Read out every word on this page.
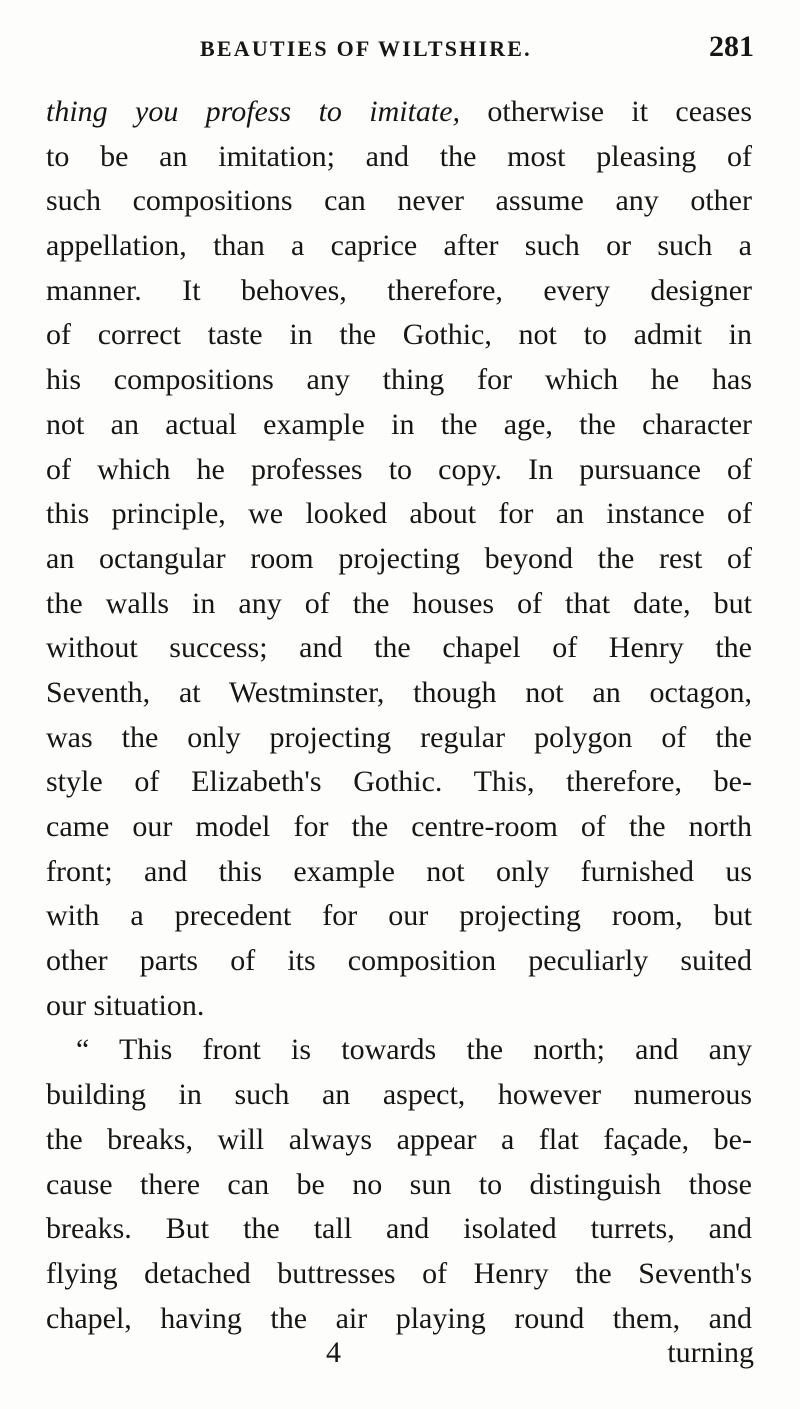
BEAUTIES OF WILTSHIRE.	281
thing you profess to imitate, otherwise it ceases
to be an imitation; and the most pleasing of
such compositions can never assume any other
appellation, than a caprice after such or such a
manner. It behoves, therefore, every designer
of correct taste in the Gothic, not to admit in
his compositions any thing for which he has
not an actual example in the age, the character
of which he professes to copy. In pursuance of
this principle, we looked about for an instance of
an octangular room projecting beyond the rest of
the walls in any of the houses of that date, but
without success; and the chapel of Henry the
Seventh, at Westminster, though not an octagon,
was the only projecting regular polygon of the
style of Elizabeth's Gothic. This, therefore, be-
came our model for the centre-room of the north
front; and this example not only furnished us
with a precedent for our projecting room, but
other parts of its composition peculiarly suited
our situation.
“ This front is towards the north; and any
building in such an aspect, however numerous
the breaks, will always appear a flat façade, be-
cause there can be no sun to distinguish those
breaks. But the tall and isolated turrets, and
flying detached buttresses of Henry the Seventh's
chapel, having the air playing round them, and
4	turning
